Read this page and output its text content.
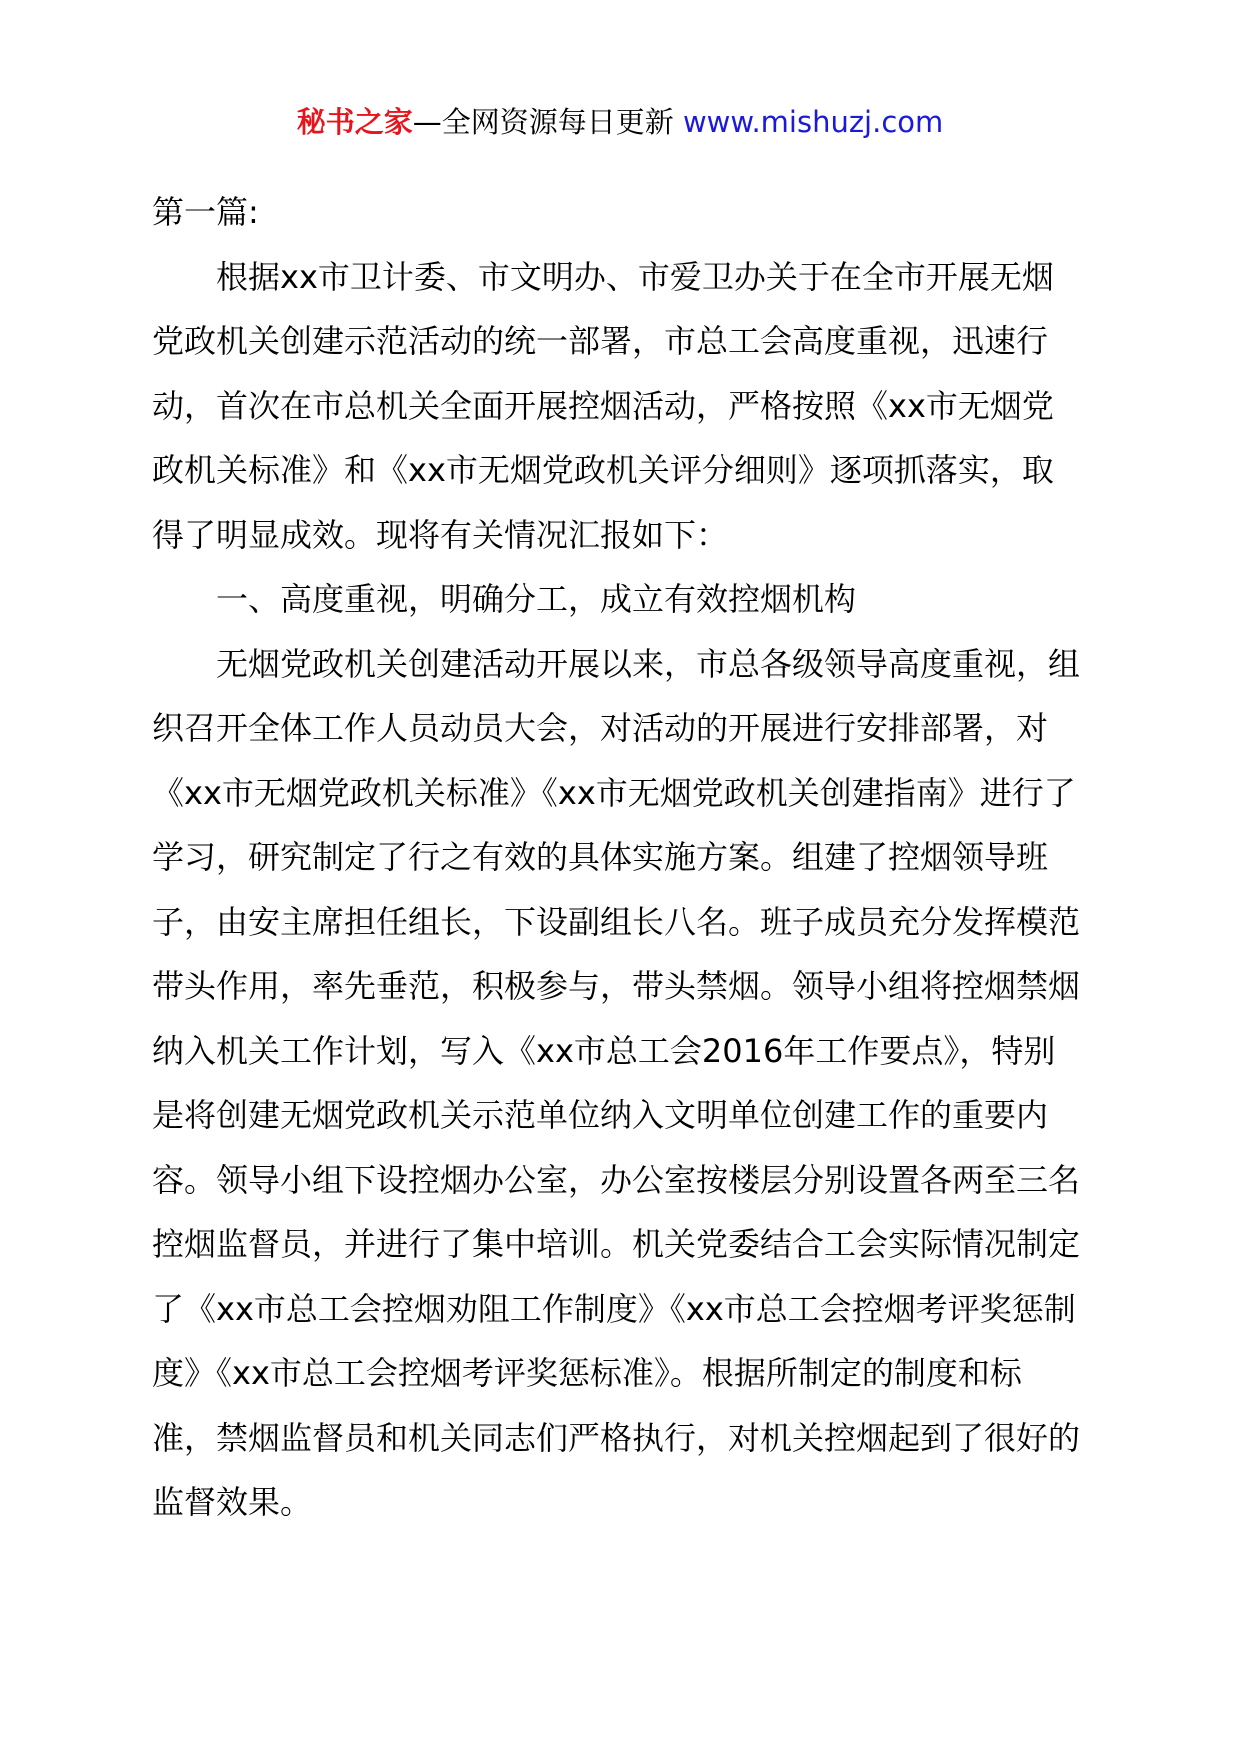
秘书之家—全网资源每日更新 www.mishuzj.com

第一篇:

根据xx市卫计委、市文明办、市爱卫办关于在全市开展无烟党政机关创建示范活动的统一部署，市总工会高度重视，迅速行动，首次在市总机关全面开展控烟活动，严格按照《xx市无烟党政机关标准》和《xx市无烟党政机关评分细则》逐项抓落实，取得了明显成效。现将有关情况汇报如下：

一、高度重视，明确分工，成立有效控烟机构

无烟党政机关创建活动开展以来，市总各级领导高度重视，组织召开全体工作人员动员大会，对活动的开展进行安排部署，对《xx市无烟党政机关标准》《xx市无烟党政机关创建指南》进行了学习，研究制定了行之有效的具体实施方案。组建了控烟领导班子，由安主席担任组长，下设副组长八名。班子成员充分发挥模范带头作用，率先垂范，积极参与，带头禁烟。领导小组将控烟禁烟纳入机关工作计划，写入《xx市总工会2016年工作要点》，特别是将创建无烟党政机关示范单位纳入文明单位创建工作的重要内容。领导小组下设控烟办公室，办公室按楼层分别设置各两至三名控烟监督员，并进行了集中培训。机关党委结合工会实际情况制定了《xx市总工会控烟劝阻工作制度》《xx市总工会控烟考评奖惩制度》《xx市总工会控烟考评奖惩标准》。根据所制定的制度和标准，禁烟监督员和机关同志们严格执行，对机关控烟起到了很好的监督效果。
